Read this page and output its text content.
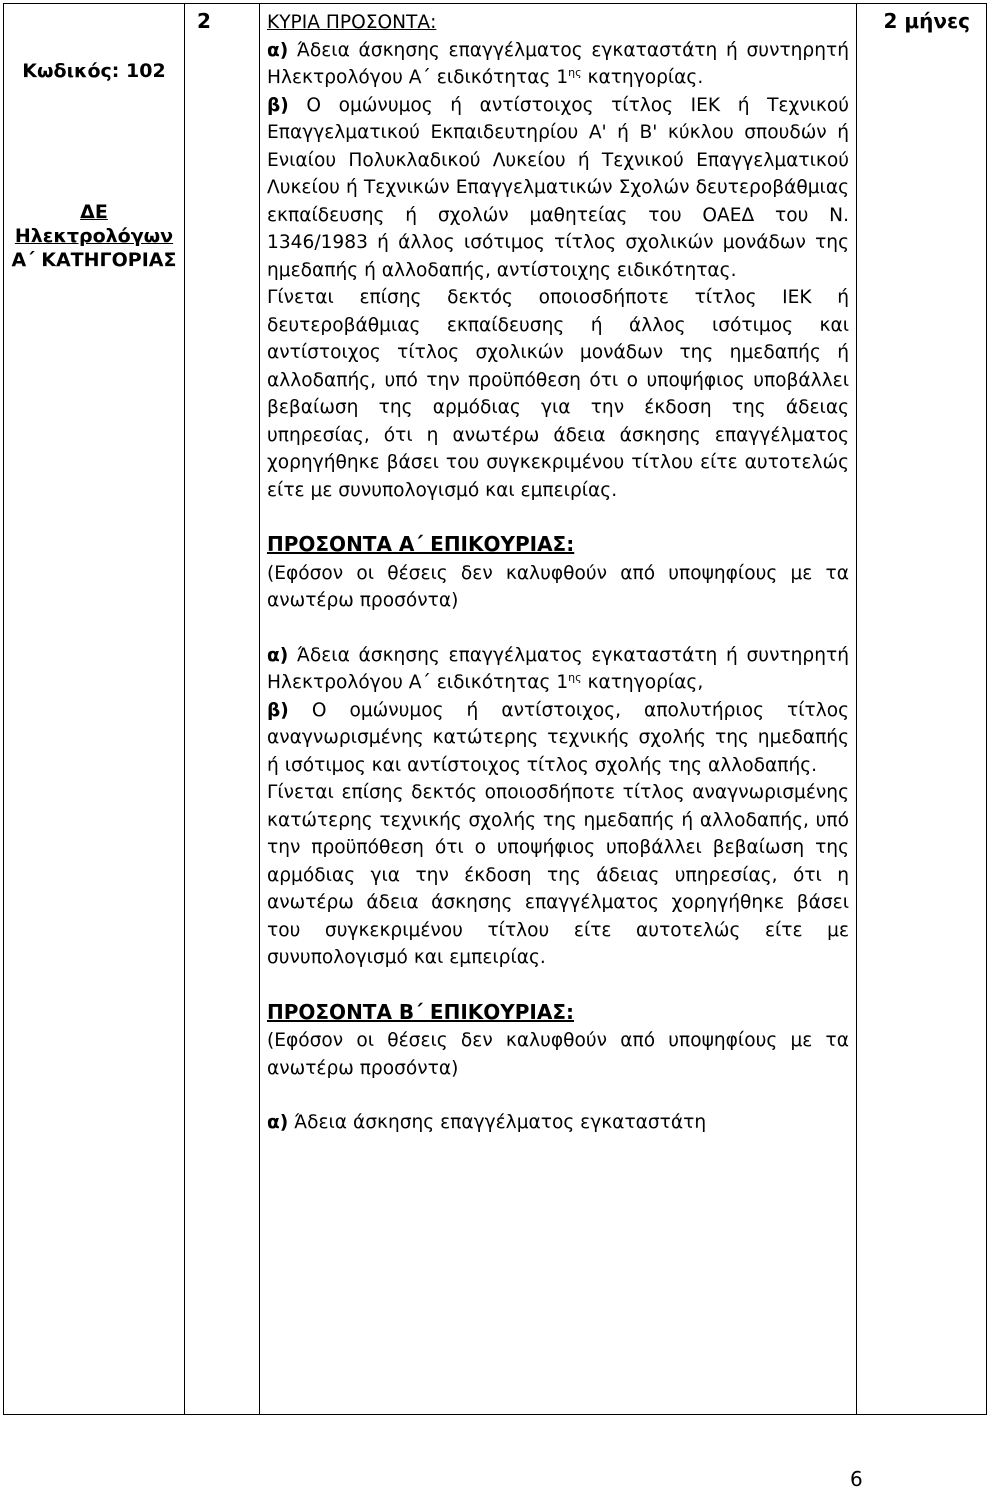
Κωδικός: 102
ΔΕ Ηλεκτρολόγων
Α΄ ΚΑΤΗΓΟΡΙΑΣ
	2	ΚΥΡΙΑ ΠΡΟΣΟΝΤΑ:

α) Άδεια άσκησης επαγγέλματος εγκαταστάτη ή συντηρητή Ηλεκτρολόγου Α΄ ειδικότητας $1^{\eta\varsigma}$ κατηγορίας.

β) Ο ομώνυμος ή αντίστοιχος τίτλος ΙΕΚ ή Τεχνικού Επαγγελματικού Εκπαιδευτηρίου Α' ή Β' κύκλου σπουδών ή Ενιαίου Πολυκλαδικού Λυκείου ή Τεχνικού Επαγγελματικού Λυκείου ή Τεχνικών Επαγγελματικών Σχολών δευτεροβάθμιας εκπαίδευσης ή σχολών μαθητείας του ΟΑΕΔ του Ν. 1346/1983 ή άλλος ισότιμος τίτλος σχολικών μονάδων της ημεδαπής ή αλλοδαπής, αντίστοιχης ειδικότητας.

Γίνεται επίσης δεκτός οποιοσδήποτε τίτλος ΙΕΚ ή δευτεροβάθμιας εκπαίδευσης ή άλλος ισότιμος και αντίστοιχος τίτλος σχολικών μονάδων της ημεδαπής ή αλλοδαπής, υπό την προϋπόθεση ότι ο υποψήφιος υποβάλλει βεβαίωση της αρμόδιας για την έκδοση της άδειας υπηρεσίας, ότι η ανωτέρω άδεια άσκησης επαγγέλματος χορηγήθηκε βάσει του συγκεκριμένου τίτλου είτε αυτοτελώς είτε με συνυπολογισμό και εμπειρίας.

ΠΡΟΣΟΝΤΑ Α΄ ΕΠΙΚΟΥΡΙΑΣ:

(Εφόσον οι θέσεις δεν καλυφθούν από υποψηφίους με τα ανωτέρω προσόντα)

α) Άδεια άσκησης επαγγέλματος εγκαταστάτη ή συντηρητή Ηλεκτρολόγου Α΄ ειδικότητας $1^{\eta\varsigma}$ κατηγορίας,

β) Ο ομώνυμος ή αντίστοιχος, απολυτήριος τίτλος αναγνωρισμένης κατώτερης τεχνικής σχολής της ημεδαπής ή ισότιμος και αντίστοιχος τίτλος σχολής της αλλοδαπής.

Γίνεται επίσης δεκτός οποιοσδήποτε τίτλος αναγνωρισμένης κατώτερης τεχνικής σχολής της ημεδαπής ή αλλοδαπής, υπό την προϋπόθεση ότι ο υποψήφιος υποβάλλει βεβαίωση της αρμόδιας για την έκδοση της άδειας υπηρεσίας, ότι η ανωτέρω άδεια άσκησης επαγγέλματος χορηγήθηκε βάσει του συγκεκριμένου τίτλου είτε αυτοτελώς είτε με συνυπολογισμό και εμπειρίας.

ΠΡΟΣΟΝΤΑ Β΄ ΕΠΙΚΟΥΡΙΑΣ:

(Εφόσον οι θέσεις δεν καλυφθούν από υποψηφίους με τα ανωτέρω προσόντα)

α) Άδεια άσκησης επαγγέλματος εγκαταστάτη

	2 μήνες
6
